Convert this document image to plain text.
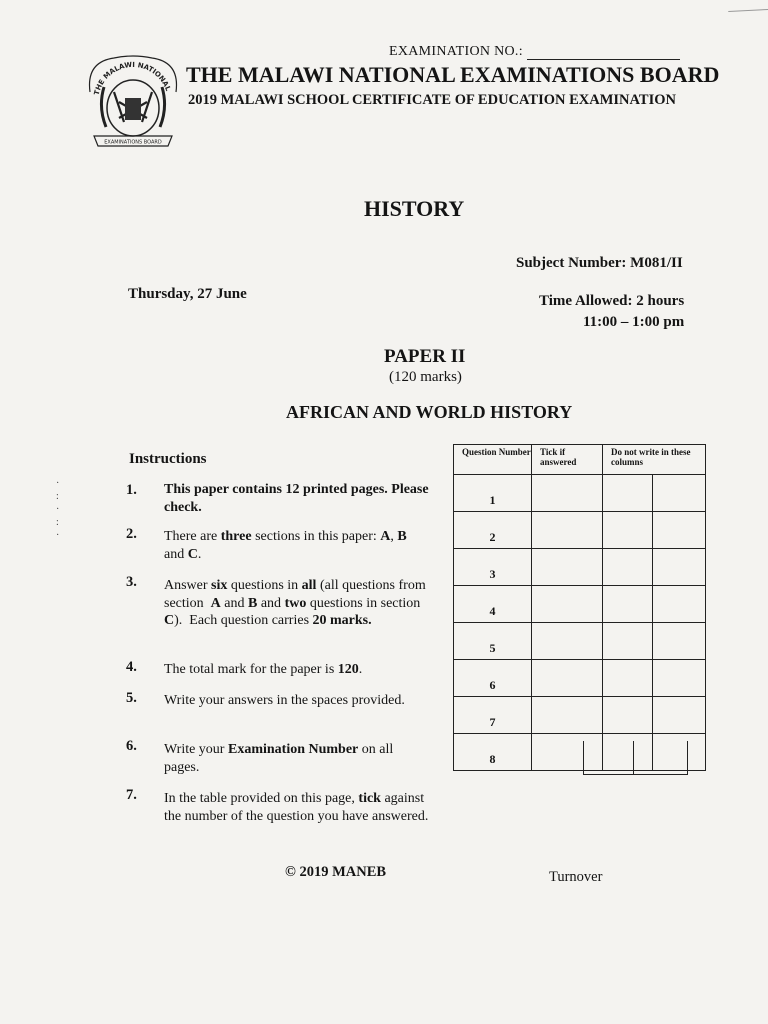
EXAMINATION NO.:
THE MALAWI NATIONAL
EXAMINATIONS BOARD
THE MALAWI NATIONAL EXAMINATIONS BOARD
2019 MALAWI SCHOOL CERTIFICATE OF EDUCATION EXAMINATION
HISTORY
Subject Number: M081/II
Thursday, 27 June	Time Allowed: 2 hours
11:00 – 1:00 pm
PAPER II
(120 marks)
AFRICAN AND WORLD HISTORY
Instructions
·
:
·
:
·
1. This paper contains 12 printed pages. Please check.
2. There are three sections in this paper: A, B and C.
3. Answer six questions in all (all questions from section  A and B and two questions in section C).  Each question carries 20 marks.
4. The total mark for the paper is 120.
5. Write your answers in the spaces provided.
6. Write your Examination Number on all pages.
7. In the table provided on this page, tick against the number of the question you have answered.
Question Number	Tick if answered	Do not write in these columns	
1			
2			
3			
4			
5			
6			
7			
8			
© 2019 MANEB	Turnover
